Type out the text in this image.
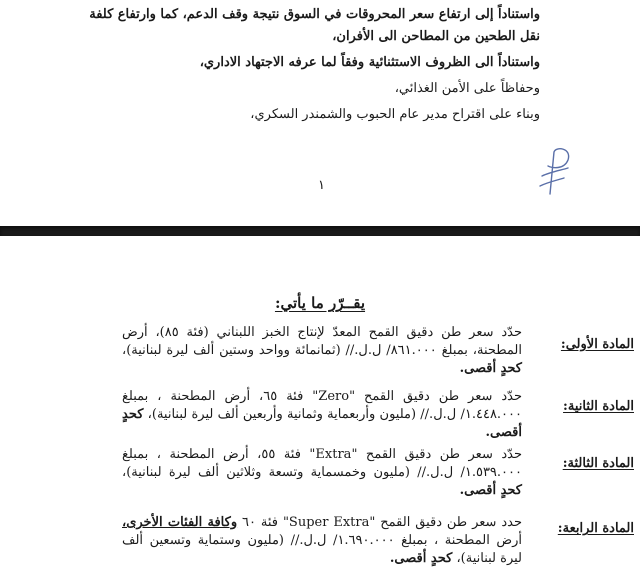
واستناداً إلى ارتفاع سعر المحروقات في السوق نتيجة وقف الدعم، كما وارتفاع كلفة نقل الطحين من المطاحن الى الأفران،
واستناداً الى الظروف الاستثنائية وفقاً لما عرفه الاجتهاد الاداري،
وحفاظاً على الأمن الغذائي،
وبناء على اقتراح مدير عام الحبوب والشمندر السكري،
١
يقــرّر ما يأتي:
المادة الأولى:
حدّد سعر طن دقيق القمح المعدّ لإنتاج الخبز اللبناني (فئة ٨٥)، أرض المطحنة، بمبلغ ٨٦١.٠٠٠/ ل.ل.// (ثمانمائة وواحد وستين ألف ليرة لبنانية)، كحدٍ أقصى.
المادة الثانية:
حدّد سعر طن دقيق القمح "Zero" فئة ٦٥، أرض المطحنة ، بمبلغ ١.٤٤٨.٠٠٠/ ل.ل.// (مليون وأربعماية وثمانية وأربعين ألف ليرة لبنانية)، كحدٍ أقصى.
المادة الثالثة:
حدّد سعر طن دقيق القمح "Extra" فئة ٥٥، أرض المطحنة ، بمبلغ ١.٥٣٩.٠٠٠/ ل.ل.// (مليون وخمسماية وتسعة وثلاثين ألف ليرة لبنانية)، كحدٍ أقصى.
المادة الرابعة:
حدد سعر طن دقيق القمح "Super Extra" فئة ٦٠ وكافة الفئات الأخرى، أرض المطحنة ، بمبلغ ١.٦٩٠.٠٠٠/ ل.ل.// (مليون وستماية وتسعين ألف ليرة لبنانية)، كحدٍ أقصى.
